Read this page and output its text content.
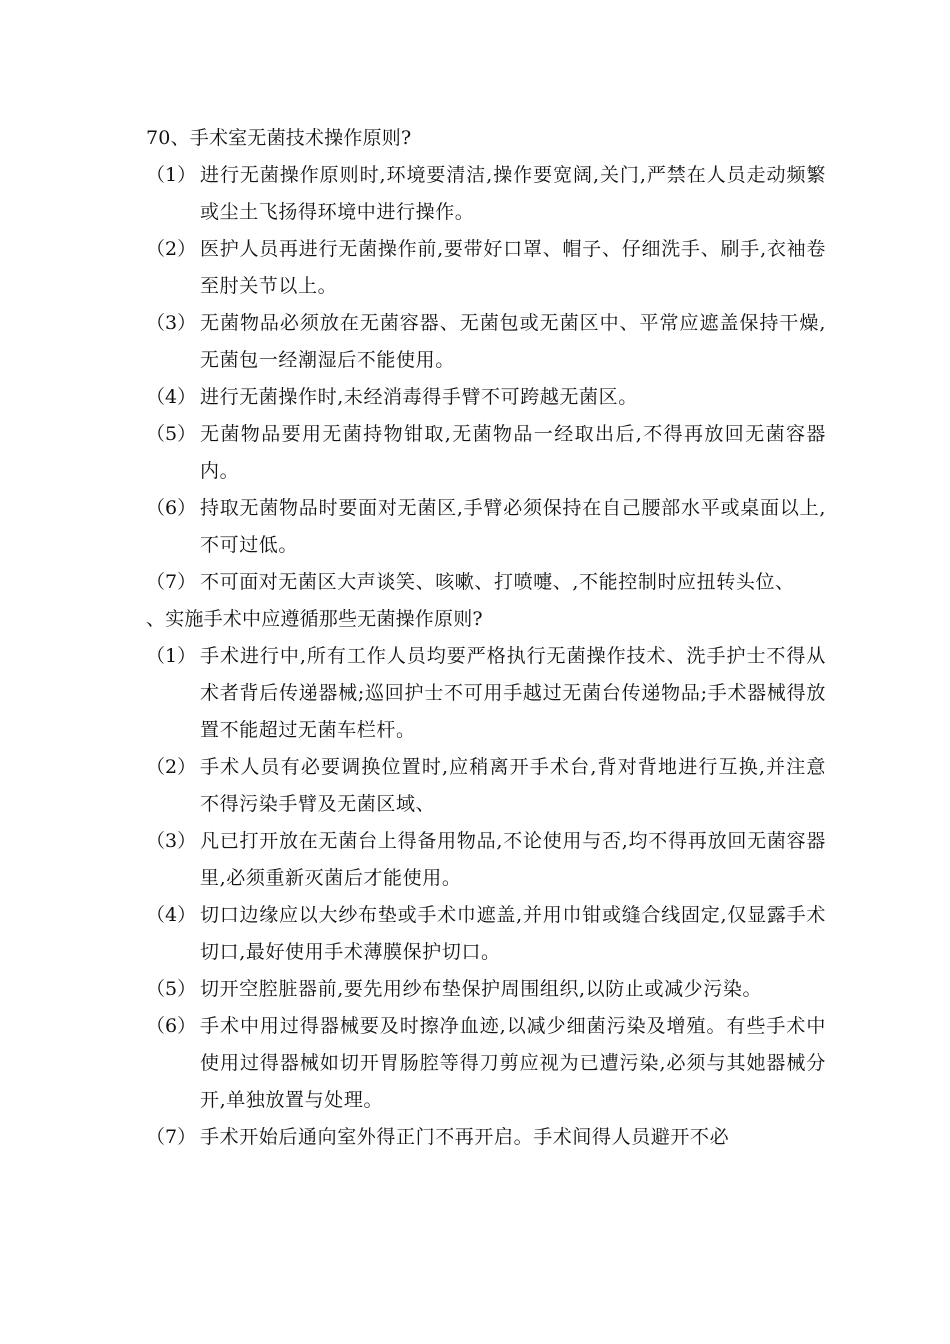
70、手术室无菌技术操作原则?
（1） 进行无菌操作原则时,环境要清洁,操作要宽阔,关门,严禁在人员走动频繁或尘土飞扬得环境中进行操作。
（2） 医护人员再进行无菌操作前,要带好口罩、帽子、仔细洗手、刷手,衣袖卷至肘关节以上。
（3） 无菌物品必须放在无菌容器、无菌包或无菌区中、平常应遮盖保持干燥,无菌包一经潮湿后不能使用。
（4） 进行无菌操作时,未经消毒得手臂不可跨越无菌区。
（5） 无菌物品要用无菌持物钳取,无菌物品一经取出后,不得再放回无菌容器内。
（6） 持取无菌物品时要面对无菌区,手臂必须保持在自己腰部水平或桌面以上,不可过低。
（7） 不可面对无菌区大声谈笑、咳嗽、打喷嚏、,不能控制时应扭转头位、
、实施手术中应遵循那些无菌操作原则?
（1） 手术进行中,所有工作人员均要严格执行无菌操作技术、洗手护士不得从术者背后传递器械;巡回护士不可用手越过无菌台传递物品;手术器械得放置不能超过无菌车栏杆。
（2） 手术人员有必要调换位置时,应稍离开手术台,背对背地进行互换,并注意不得污染手臂及无菌区域、
（3） 凡已打开放在无菌台上得备用物品,不论使用与否,均不得再放回无菌容器里,必须重新灭菌后才能使用。
（4） 切口边缘应以大纱布垫或手术巾遮盖,并用巾钳或缝合线固定,仅显露手术切口,最好使用手术薄膜保护切口。
（5） 切开空腔脏器前,要先用纱布垫保护周围组织,以防止或减少污染。
（6） 手术中用过得器械要及时擦净血迹,以减少细菌污染及增殖。有些手术中使用过得器械如切开胃肠腔等得刀剪应视为已遭污染,必须与其她器械分开,单独放置与处理。
（7） 手术开始后通向室外得正门不再开启。手术间得人员避开不必
